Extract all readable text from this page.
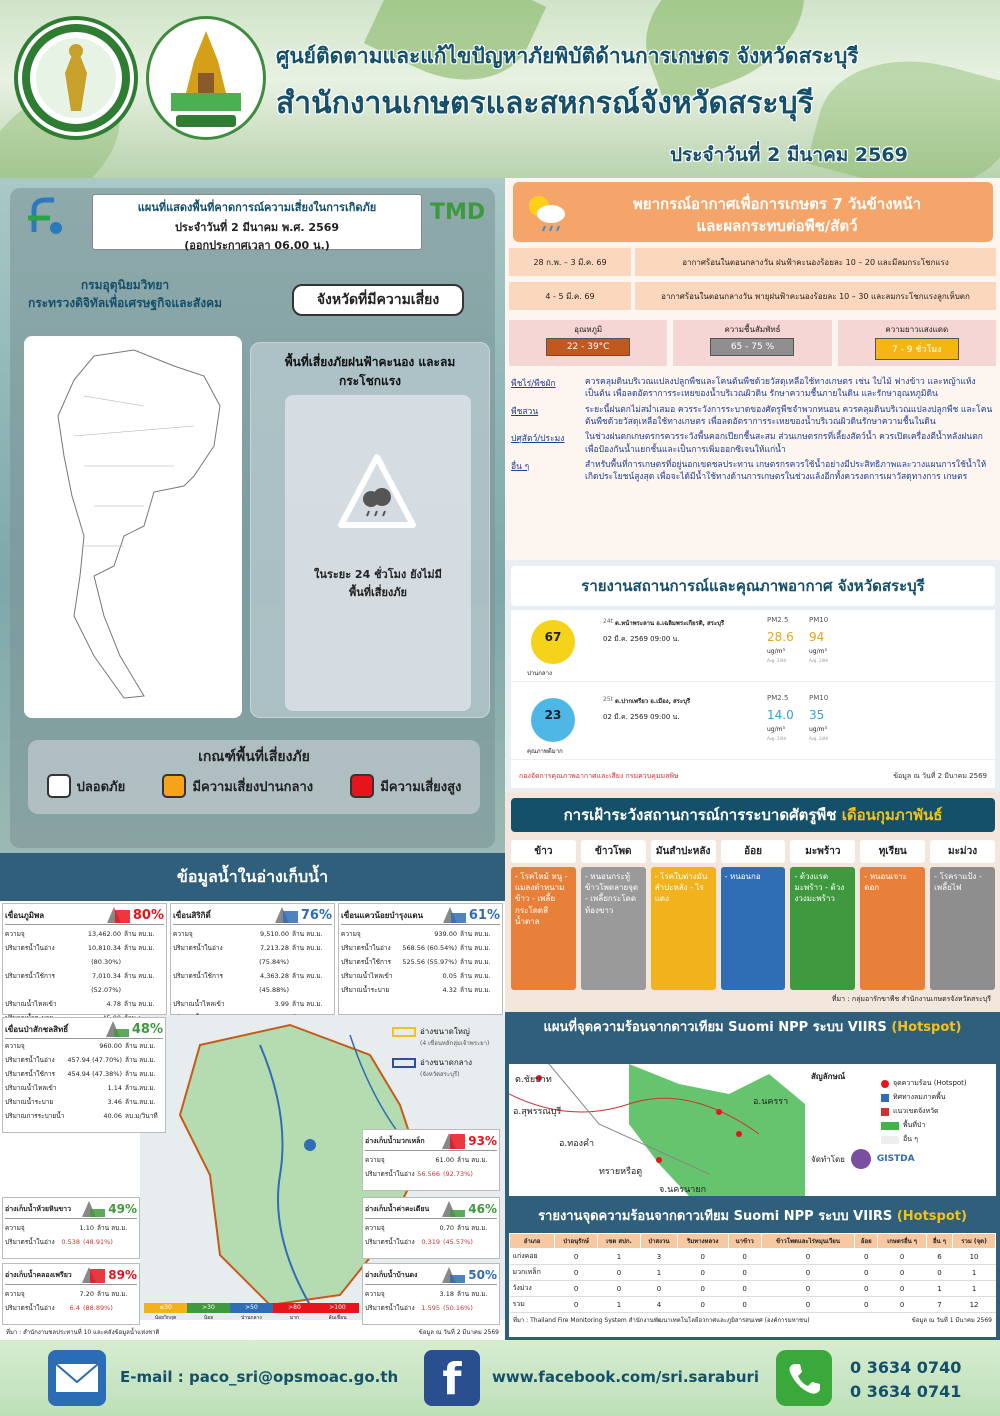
ศูนย์ติดตามและแก้ไขปัญหาภัยพิบัติด้านการเกษตร จังหวัดสระบุรี
สำนักงานเกษตรและสหกรณ์จังหวัดสระบุรี
ประจำวันที่ 2 มีนาคม 2569
แผนที่แสดงพื้นที่คาดการณ์ความเสี่ยงในการเกิดภัย
ประจำวันที่ 2 มีนาคม พ.ศ. 2569
(ออกประกาศเวลา 06.00 น.)
TMD
กรมอุตุนิยมวิทยา
กระทรวงดิจิทัลเพื่อเศรษฐกิจและสังคม	จังหวัดที่มีความเสี่ยง
พื้นที่เสี่ยงภัยฝนฟ้าคะนอง และลมกระโชกแรง
ในระยะ 24 ชั่วโมง ยังไม่มีพื้นที่เสี่ยงภัย
เกณฑ์พื้นที่เสี่ยงภัย
ปลอดภัย	มีความเสี่ยงปานกลาง	มีความเสี่ยงสูง
พยากรณ์อากาศเพื่อการเกษตร 7 วันข้างหน้า
และผลกระทบต่อพืช/สัตว์
28 ก.พ. – 3 มี.ค. 69	อากาศร้อนในตอนกลางวัน ฝนฟ้าคะนองร้อยละ 10 – 20 และมีลมกระโชกแรง
4 - 5 มี.ค. 69	อากาศร้อนในตอนกลางวัน พายุฝนฟ้าคะนองร้อยละ 10 – 30 และลมกระโชกแรงลูกเห็บตก
อุณหภูมิ
22 - 39°C
ความชื้นสัมพัทธ์
65 - 75 %
ความยาวแสงแดด
7 - 9 ชั่วโมง
พืชไร่/พืชผัก	ควรคลุมดินบริเวณแปลงปลูกพืชและโคนต้นพืชด้วยวัสดุเหลือใช้ทางเกษตร เช่น ใบไม้ ฟางข้าว และหญ้าแห้ง เป็นต้น เพื่อลดอัตราการระเหยของน้ำบริเวณผิวดิน รักษาความชื้นภายในดิน และรักษาอุณหภูมิดิน
พืชสวน	ระยะนี้ฝนตกไม่สม่ำเสมอ ควรระวังการระบาดของศัตรูพืชจำพวกหนอน ควรคลุมดินบริเวณแปลงปลูกพืช และโคนต้นพืชด้วยวัสดุเหลือใช้ทางเกษตร เพื่อลดอัตราการระเหยของน้ำบริเวณผิวดินรักษาความชื้นในดิน
ปศุสัตว์/ประมง	ในช่วงฝนตกเกษตรกรควรระวังพื้นคอกเปียกชื้นสะสม ส่วนเกษตรกรที่เลี้ยงสัตว์น้ำ ควรเปิดเครื่องตีน้ำหลังฝนตก เพื่อป้องกันน้ำแยกชั้นและเป็นการเพิ่มออกซิเจนให้แก่น้ำ
อื่น ๆ	สำหรับพื้นที่การเกษตรที่อยู่นอกเขตชลประทาน เกษตรกรควรใช้น้ำอย่างมีประสิทธิภาพและวางแผนการใช้น้ำให้เกิดประโยชน์สูงสุด เพื่อจะได้มีน้ำใช้ทางด้านการเกษตรในช่วงแล้งอีกทั้งควรงดการเผาวัสดุทางการ เกษตร
รายงานสถานการณ์และคุณภาพอากาศ จังหวัดสระบุรี
67
ปานกลาง
24t ต.หน้าพระลาน อ.เฉลิมพระเกียรติ, สระบุรี
02 มี.ค. 2569 09:00 น.
PM2.5
28.6
ug/m³
Avg. 24Hr
PM10
94
ug/m³
Avg. 24Hr
23
คุณภาพดีมาก
25t ต.ปากเพรียว อ.เมือง, สระบุรี
02 มี.ค. 2569 09:00 น.
PM2.5
14.0
ug/m³
Avg. 24Hr
PM10
35
ug/m³
Avg. 24Hr
กองจัดการคุณภาพอากาศและเสียง กรมควบคุมมลพิษ	ข้อมูล ณ วันที่ 2 มีนาคม 2569
การเฝ้าระวังสถานการณ์การระบาดศัตรูพืช เดือนกุมภาพันธ์
ข้าว
- โรคไหม้ หนู - แมลงดำหนามข้าว - เพลี้ยกระโดดสีน้ำตาล
ข้าวโพด
- หนอนกระทู้ข้าวโพดลายจุด - เพลี้ยกระโดดท้องขาว
มันสำปะหลัง
- โรคใบด่างมันสำปะหลัง - ไรแดง
อ้อย
- หนอนกอ
มะพร้าว
- ด้วงแรดมะพร้าว - ด้วงงวงมะพร้าว
ทุเรียน
- หนอนเจาะดอก
มะม่วง
- โรคราแป้ง - เพลี้ยไฟ
ที่มา : กลุ่มอารักขาพืช สำนักงานเกษตรจังหวัดสระบุรี
แผนที่จุดความร้อนจากดาวเทียม Suomi NPP ระบบ VIIRS (Hotspot)
ต.ชัยบาท
อ.สุพรรณบุรี
อ.ทองคำ
ทรายหรือตู
จ.นครนายก
อ.นครรา
สัญลักษณ์
จุดความร้อน (Hotspot)
ทิศทางลมภาคพื้น
แนวเขตจังหวัด
พื้นที่ป่า
อื่น ๆ
จัดทำโดย	GISTDA
รายงานจุดความร้อนจากดาวเทียม Suomi NPP ระบบ VIIRS (Hotspot)
อำเภอ	ป่าอนุรักษ์	เขต สปก.	ป่าสงวน	ริมทางหลวง	นาข้าว	ข้าวโพดและไร่หมุนเวียน	อ้อย	เกษตรอื่น ๆ	อื่น ๆ	รวม (จุด)
แก่งคอย	0	1	3	0	0	0	0	0	6	10
มวกเหล็ก	0	0	1	0	0	0	0	0	0	1
วังม่วง	0	0	0	0	0	0	0	0	1	1
รวม	0	1	4	0	0	0	0	0	7	12
ที่มา : Thailand Fire Monitoring System สำนักงานพัฒนาเทคโนโลยีอวกาศและภูมิสารสนเทศ (องค์การมหาชน)	ข้อมูล ณ วันที่ 1 มีนาคม 2569
ข้อมูลน้ำในอ่างเก็บน้ำ
เขื่อนภูมิพล	80%
ความจุ	13,462.00 ล้าน ลบ.ม.
ปริมาตรน้ำในอ่าง	10,810.34 (80.30%)
ล้าน ลบ.ม.
ปริมาตรน้ำใช้การ	7,010.34 (52.07%)
ล้าน ลบ.ม.
ปริมาณน้ำไหลเข้า	4.78 ล้าน ลบ.ม.
เขื่อนสิริกิติ์	76%
ความจุ	9,510.00 ล้าน ลบ.ม.
ปริมาตรน้ำในอ่าง	7,213.28 (75.84%)
ล้าน ลบ.ม.
ปริมาตรน้ำใช้การ	4,363.28 (45.88%)
ล้าน ลบ.ม.
ปริมาณน้ำไหลเข้า	3.99 ล้าน ลบ.ม.
เขื่อนแควน้อยบำรุงแดน	61%
ความจุ	939.00 ล้าน ลบ.ม.
ปริมาตรน้ำในอ่าง	568.56 (60.54%) ล้าน ลบ.ม.
ปริมาตรน้ำใช้การ	525.56 (55.97%) ล้าน ลบ.ม.
ปริมาณน้ำไหลเข้า	0.05 ล้าน ลบ.ม.
ปริมาณน้ำระบาย	4.32 ล้าน ลบ.ม.
อ่างขนาดใหญ่
(4 เขื่อนหลักลุ่มเจ้าพระยา)
อ่างขนาดกลาง
(จังหวัดสระบุรี)
เขื่อนป่าสักชลสิทธิ์	48%
ความจุ	960.00 ล้าน ลบ.ม.
ปริมาตรน้ำในอ่าง	457.94 (47.70%) ล้าน ลบ.ม.
ปริมาตรน้ำใช้การ	454.94 (47.38%) ล้าน ลบ.ม.
ปริมาณน้ำไหลเข้า	1.14 ล้าน.ลบ.ม.
ปริมาณน้ำระบาย	3.46 ล้าน.ลบ.ม.
ปริมาณการระบายน้ำ	40.06 ลบ.ม/วินาที
≤30
น้อยวิกฤต
>30
น้อย
>50
ปานกลาง
>80
มาก
>100
ล้นเขื่อน
ที่มา : สำนักงานชลประทานที่ 10 และคลังข้อมูลน้ำแห่งชาติ	ข้อมูล ณ วันที่ 2 มีนาคม 2569
อ่างเก็บน้ำมวกเหล็ก	93%
ความจุ	61.00 ล้าน ลบ.ม.
ปริมาตรน้ำในอ่าง 56.566 (92.73%)
อ่างเก็บน้ำห้วยหินขาว	49%
ความจุ	1.10 ล้าน ลบ.ม.
ปริมาตรน้ำในอ่าง	0.538 (48.91%)
อ่างเก็บน้ำค่าคะเตียน	46%
ความจุ	0.70 ล้าน ลบ.ม.
ปริมาตรน้ำในอ่าง	0.319 (45.57%)
อ่างเก็บน้ำคลองเพรียว	89%
ความจุ	7.20 ล้าน ลบ.ม.
ปริมาตรน้ำในอ่าง	6.4 (88.89%)
อ่างเก็บน้ำบ้านดง	50%
ความจุ	3.18 ล้าน ลบ.ม.
ปริมาตรน้ำในอ่าง	1.595 (50.16%)
E-mail : paco_sri@opsmoac.go.th	f	www.facebook.com/sri.saraburi	0 3634 0740
0 3634 0741
